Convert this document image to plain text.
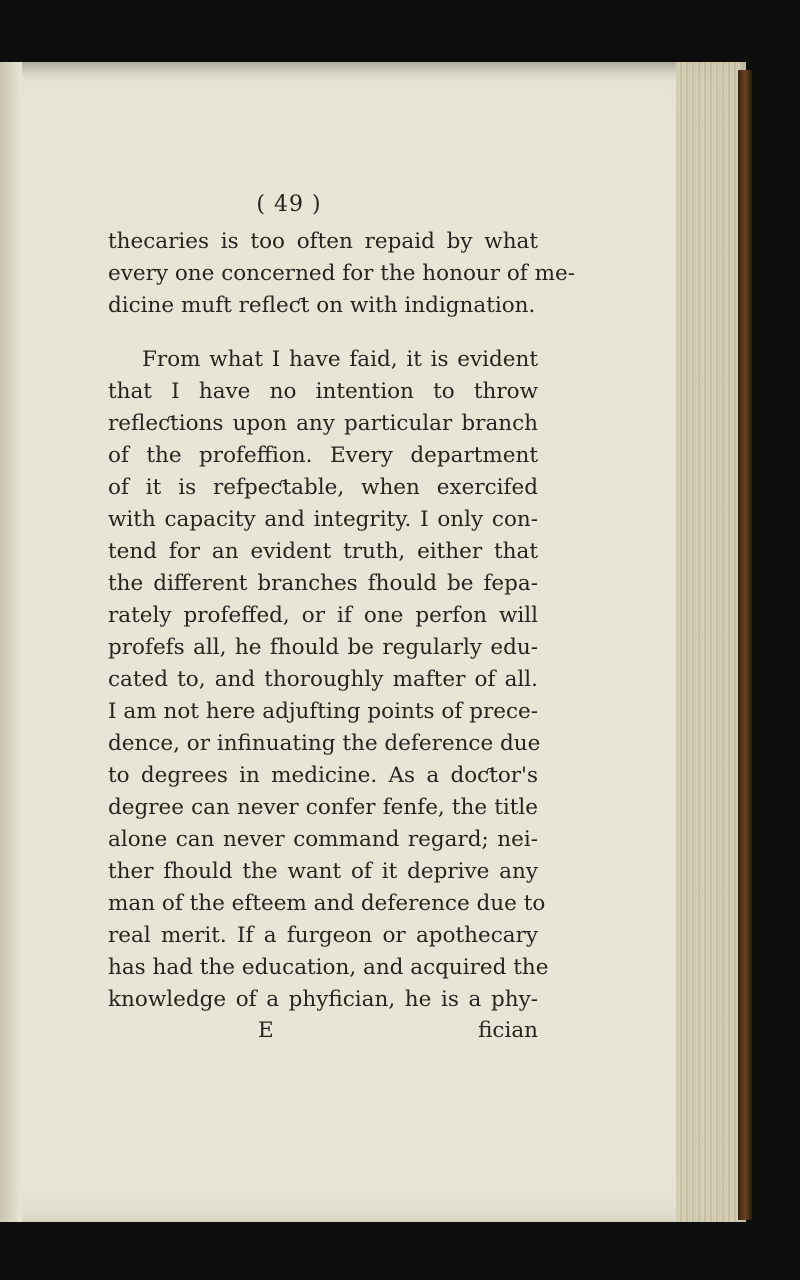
( 49 )
thecaries is too often repaid by what
every one concerned for the honour of me-
dicine muft refleƈt on with indignation.
From what I have faid, it is evident
that I have no intention to throw
refleƈtions upon any particular branch
of the profeffion. Every department
of it is refpeƈtable, when exercifed
with capacity and integrity. I only con-
tend for an evident truth, either that
the different branches fhould be fepa-
rately profeffed, or if one perfon will
profefs all, he fhould be regularly edu-
cated to, and thoroughly mafter of all.
I am not here adjufting points of prece-
dence, or infinuating the deference due
to degrees in medicine. As a doƈtor's
degree can never confer fenfe, the title
alone can never command regard; nei-
ther fhould the want of it deprive any
man of the efteem and deference due to
real merit. If a furgeon or apothecary
has had the education, and acquired the
knowledge of a phyfician, he is a phy-
E	fician
